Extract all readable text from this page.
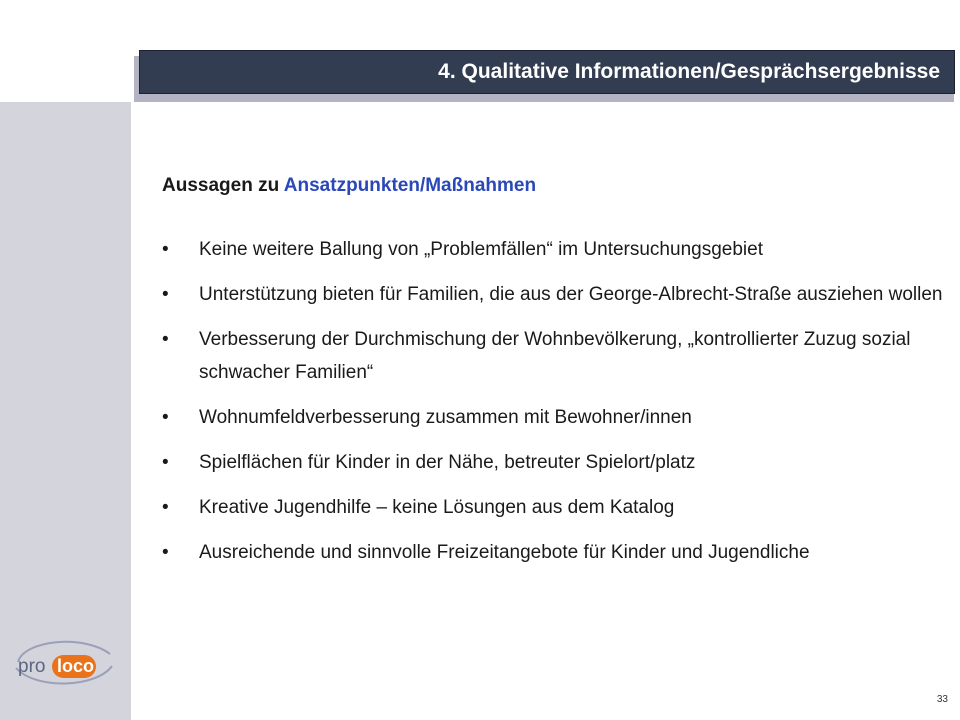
4. Qualitative Informationen/Gesprächsergebnisse
Aussagen zu Ansatzpunkten/Maßnahmen
• Keine weitere Ballung von „Problemfällen“ im Untersuchungsgebiet
• Unterstützung bieten für Familien, die aus der George-Albrecht-Straße ausziehen wollen
• Verbesserung der Durchmischung der Wohnbevölkerung, „kontrollierter Zuzug sozial schwacher Familien“
• Wohnumfeldverbesserung zusammen mit Bewohner/innen
• Spielflächen für Kinder in der Nähe, betreuter Spielort/platz
• Kreative Jugendhilfe – keine Lösungen aus dem Katalog
• Ausreichende und sinnvolle Freizeitangebote für Kinder und Jugendliche
pro loco
33
